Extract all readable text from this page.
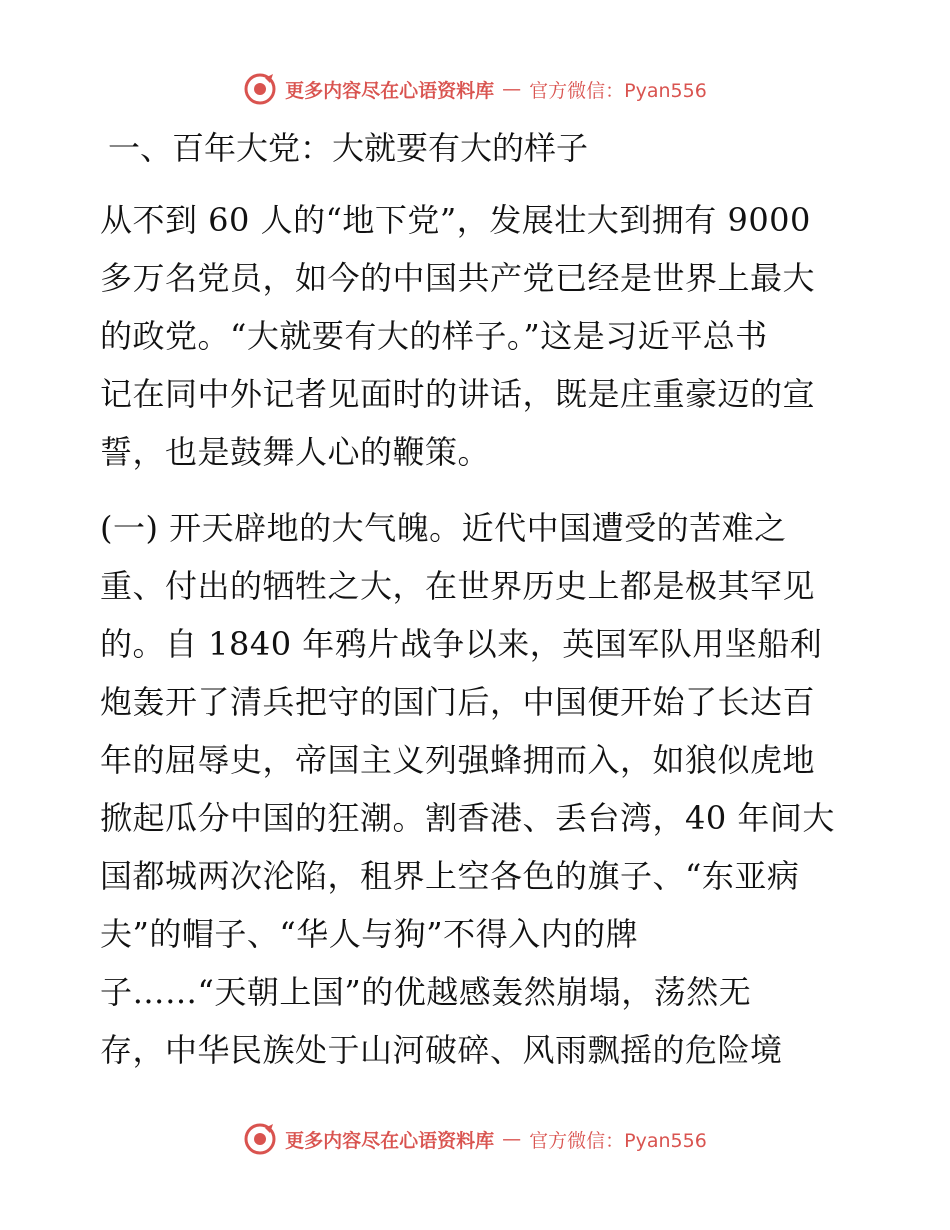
更多内容尽在心语资料库 — 官方微信：Pyan556
一、百年大党：大就要有大的样子
从不到 60 人的“地下党”，发展壮大到拥有 9000
多万名党员，如今的中国共产党已经是世界上最大
的政党。“大就要有大的样子。”这是习近平总书
记在同中外记者见面时的讲话，既是庄重豪迈的宣
誓，也是鼓舞人心的鞭策。
(一) 开天辟地的大气魄。近代中国遭受的苦难之
重、付出的牺牲之大，在世界历史上都是极其罕见
的。自 1840 年鸦片战争以来，英国军队用坚船利
炮轰开了清兵把守的国门后，中国便开始了长达百
年的屈辱史，帝国主义列强蜂拥而入，如狼似虎地
掀起瓜分中国的狂潮。割香港、丢台湾，40 年间大
国都城两次沦陷，租界上空各色的旗子、“东亚病
夫”的帽子、“华人与狗”不得入内的牌
子……“天朝上国”的优越感轰然崩塌，荡然无
存，中华民族处于山河破碎、风雨飘摇的危险境
更多内容尽在心语资料库 — 官方微信：Pyan556
